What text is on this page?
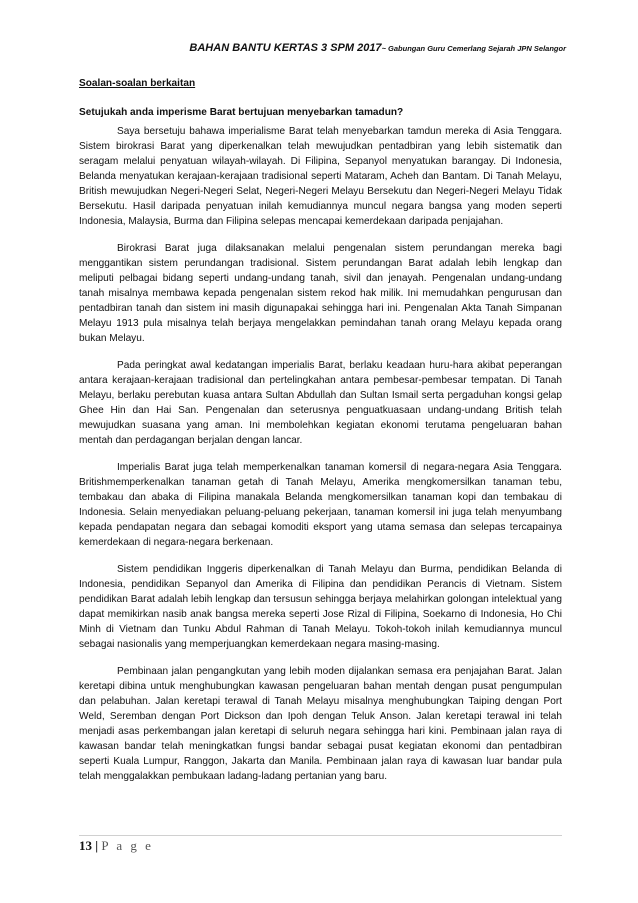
BAHAN BANTU KERTAS 3 SPM 2017~ Gabungan Guru Cemerlang Sejarah JPN Selangor
Soalan-soalan berkaitan
Setujukah anda imperisme Barat bertujuan menyebarkan tamadun?

Saya bersetuju bahawa imperialisme Barat telah menyebarkan tamdun mereka di Asia Tenggara. Sistem birokrasi Barat yang diperkenalkan telah mewujudkan pentadbiran yang lebih sistematik dan seragam melalui penyatuan wilayah-wilayah. Di Filipina, Sepanyol menyatukan barangay. Di Indonesia, Belanda menyatukan kerajaan-kerajaan tradisional seperti Mataram, Acheh dan Bantam. Di Tanah Melayu, British mewujudkan Negeri-Negeri Selat, Negeri-Negeri Melayu Bersekutu dan Negeri-Negeri Melayu Tidak Bersekutu. Hasil daripada penyatuan inilah kemudiannya muncul negara bangsa yang moden seperti Indonesia, Malaysia, Burma dan Filipina selepas mencapai kemerdekaan daripada penjajahan.

Birokrasi Barat juga dilaksanakan melalui pengenalan sistem perundangan mereka bagi menggantikan sistem perundangan tradisional. Sistem perundangan Barat adalah lebih lengkap dan meliputi pelbagai bidang seperti undang-undang tanah, sivil dan jenayah. Pengenalan undang-undang tanah misalnya membawa kepada pengenalan sistem rekod hak milik. Ini memudahkan pengurusan dan pentadbiran tanah dan sistem ini masih digunapakai sehingga hari ini. Pengenalan Akta Tanah Simpanan Melayu 1913 pula misalnya telah berjaya mengelakkan pemindahan tanah orang Melayu kepada orang bukan Melayu.

Pada peringkat awal kedatangan imperialis Barat, berlaku keadaan huru-hara akibat peperangan antara kerajaan-kerajaan tradisional dan pertelingkahan antara pembesar-pembesar tempatan. Di Tanah Melayu, berlaku perebutan kuasa antara Sultan Abdullah dan Sultan Ismail serta pergaduhan kongsi gelap Ghee Hin dan Hai San. Pengenalan dan seterusnya penguatkuasaan undang-undang British telah mewujudkan suasana yang aman. Ini membolehkan kegiatan ekonomi terutama pengeluaran bahan mentah dan perdagangan berjalan dengan lancar.

Imperialis Barat juga telah memperkenalkan tanaman komersil di negara-negara Asia Tenggara. Britishmemperkenalkan tanaman getah di Tanah Melayu, Amerika mengkomersilkan tanaman tebu, tembakau dan abaka di Filipina manakala Belanda mengkomersilkan tanaman kopi dan tembakau di Indonesia. Selain menyediakan peluang-peluang pekerjaan, tanaman komersil ini juga telah menyumbang kepada pendapatan negara dan sebagai komoditi eksport yang utama semasa dan selepas tercapainya kemerdekaan di negara-negara berkenaan.

Sistem pendidikan Inggeris diperkenalkan di Tanah Melayu dan Burma, pendidikan Belanda di Indonesia, pendidikan Sepanyol dan Amerika di Filipina dan pendidikan Perancis di Vietnam. Sistem pendidikan Barat adalah lebih lengkap dan tersusun sehingga berjaya melahirkan golongan intelektual yang dapat memikirkan nasib anak bangsa mereka seperti Jose Rizal di Filipina, Soekarno di Indonesia, Ho Chi Minh di Vietnam dan Tunku Abdul Rahman di Tanah Melayu. Tokoh-tokoh inilah kemudiannya muncul sebagai nasionalis yang memperjuangkan kemerdekaan negara masing-masing.

Pembinaan jalan pengangkutan yang lebih moden dijalankan semasa era penjajahan Barat. Jalan keretapi dibina untuk menghubungkan kawasan pengeluaran bahan mentah dengan pusat pengumpulan dan pelabuhan. Jalan keretapi terawal di Tanah Melayu misalnya menghubungkan Taiping dengan Port Weld, Seremban dengan Port Dickson dan Ipoh dengan Teluk Anson. Jalan keretapi terawal ini telah menjadi asas perkembangan jalan keretapi di seluruh negara sehingga hari kini. Pembinaan jalan raya di kawasan bandar telah meningkatkan fungsi bandar sebagai pusat kegiatan ekonomi dan pentadbiran seperti Kuala Lumpur, Ranggon, Jakarta dan Manila. Pembinaan jalan raya di kawasan luar bandar pula telah menggalakkan pembukaan ladang-ladang pertanian yang baru.

13 | P a g e
